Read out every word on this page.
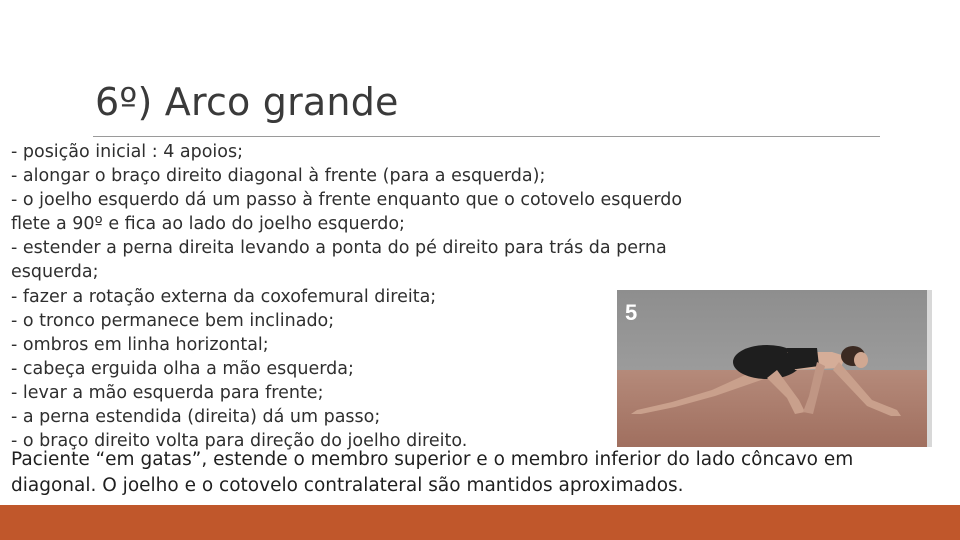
6º) Arco grande
- posição inicial : 4 apoios;
- alongar o braço direito diagonal à frente (para a esquerda);
- o joelho esquerdo dá um passo à frente enquanto que o cotovelo esquerdo
flete a 90º e fica ao lado do joelho esquerdo;
- estender a perna direita levando a ponta do pé direito para trás da perna
esquerda;
- fazer a rotação externa da coxofemural direita;
- o tronco permanece bem inclinado;
- ombros em linha horizontal;
- cabeça erguida olha a mão esquerda;
- levar a mão esquerda para frente;
- a perna estendida (direita) dá um passo;
- o braço direito volta para direção do joelho direito.
5

Paciente “em gatas”, estende o membro superior e o membro inferior do lado côncavo em
diagonal. O joelho e o cotovelo contralateral são mantidos aproximados.
